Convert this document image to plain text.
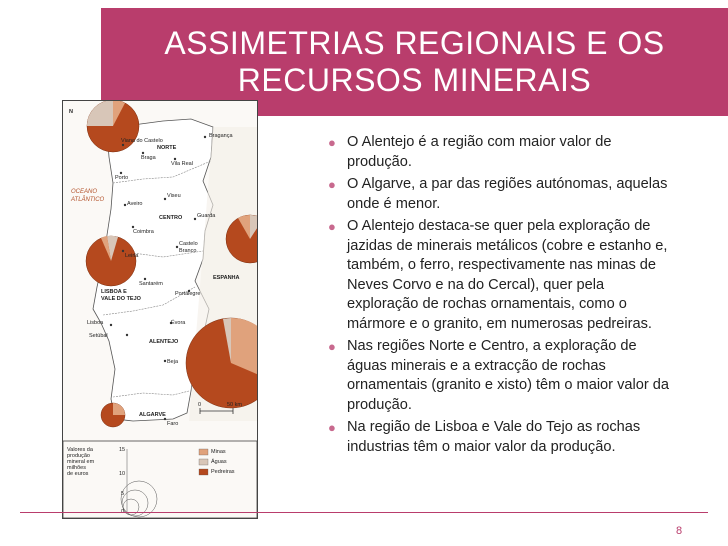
ASSIMETRIAS REGIONAIS E OS
RECURSOS MINERAIS
N
OCEANO
ATLÂNTICO
NORTE
CENTRO
LISBOA E
VALE DO TEJO
ALENTEJO
ALGARVE
ESPANHA
Viana do Castelo
Braga
Bragança
Vila Real
Porto
Viseu
Aveiro
Guarda
Coimbra
Castelo
Branco
Leiria
Santarém
Portalegre
Lisboa	Évora
Setúbal
Beja
Faro
0	50 km
Valores da
produção
mineral em
milhões
de euros
15
10
5
Minas
Águas
Pedreiras
● O Alentejo é a região com maior valor de produção.
● O Algarve, a par das regiões autónomas, aquelas onde é menor.
● O Alentejo destaca-se quer pela exploração de jazidas de minerais metálicos (cobre e estanho e, também, o ferro, respectivamente nas minas de Neves Corvo e na do Cercal), quer pela exploração de rochas ornamentais, como o mármore e o granito, em numerosas pedreiras.
● Nas regiões Norte e Centro, a exploração de águas minerais e a extracção de rochas ornamentais (granito e xisto) têm o maior valor da produção.
● Na região de Lisboa e Vale do Tejo as rochas industrias têm o maior valor da produção.
8
